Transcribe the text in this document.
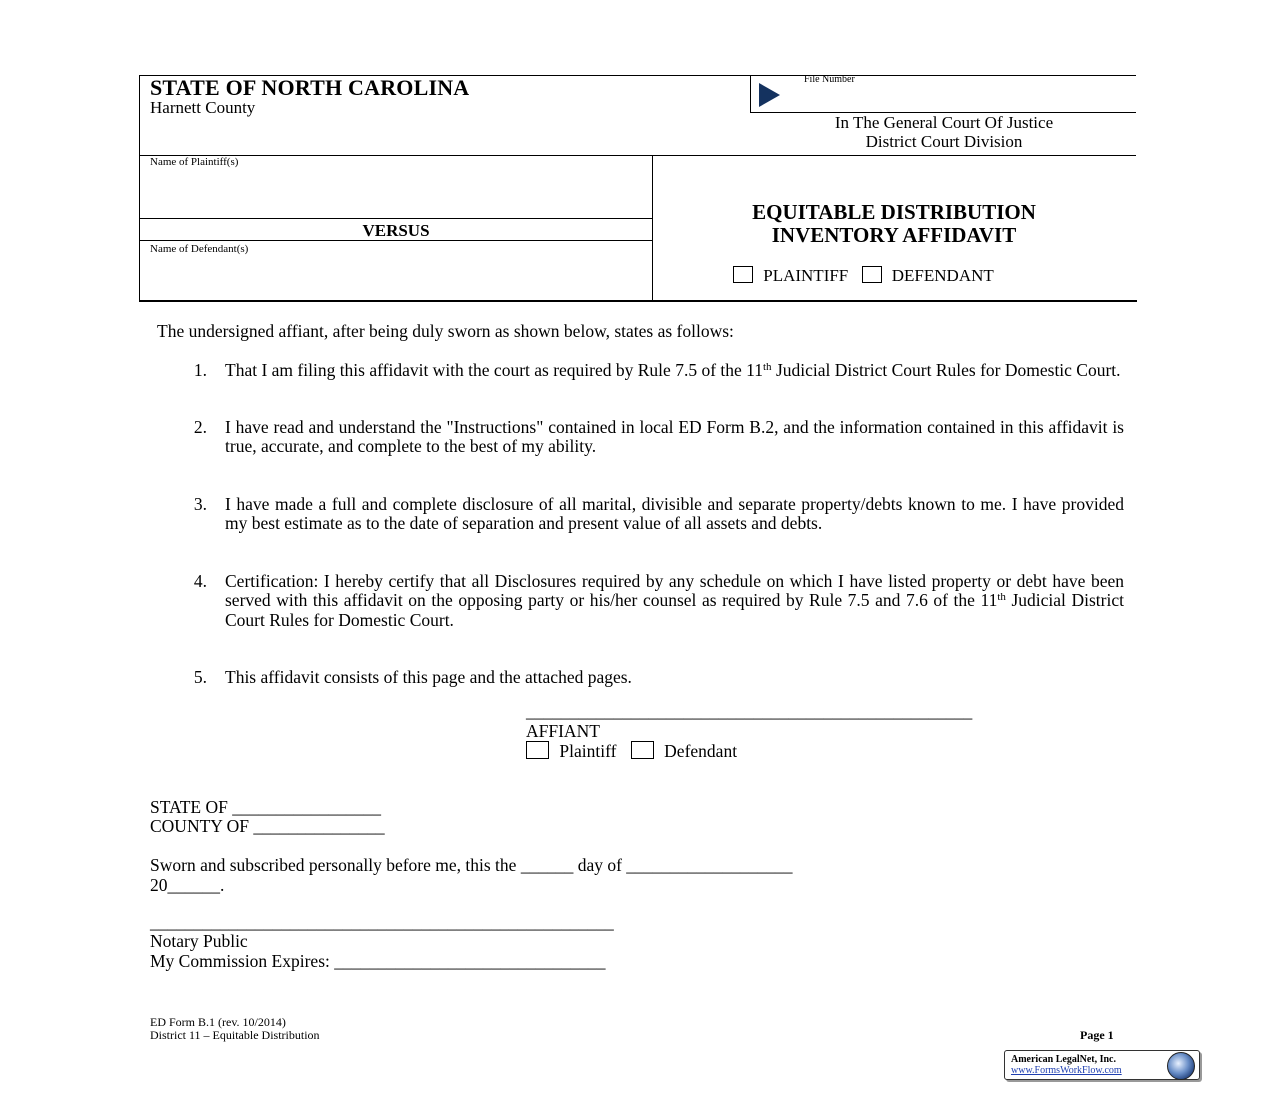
STATE OF NORTH CAROLINA
Harnett County
File Number
In The General Court Of Justice
District Court Division
Name of Plaintiff(s)
VERSUS
Name of Defendant(s)
EQUITABLE DISTRIBUTION
INVENTORY AFFIDAVIT
PLAINTIFF	DEFENDANT
The undersigned affiant, after being duly sworn as shown below, states as follows:
1. That I am filing this affidavit with the court as required by Rule 7.5 of the 11th Judicial District Court Rules for Domestic Court.
2. I have read and understand the "Instructions" contained in local ED Form B.2, and the information contained in this affidavit is true, accurate, and complete to the best of my ability.
3. I have made a full and complete disclosure of all marital, divisible and separate property/debts known to me. I have provided my best estimate as to the date of separation and present value of all assets and debts.
4. Certification: I hereby certify that all Disclosures required by any schedule on which I have listed property or debt have been served with this affidavit on the opposing party or his/her counsel as required by Rule 7.5 and 7.6 of the 11th Judicial District Court Rules for Domestic Court.
5. This affidavit consists of this page and the attached pages.
___________________________________________________
AFFIANT
Plaintiff	Defendant
STATE OF _________________
COUNTY OF _______________
Sworn and subscribed personally before me, this the ______ day of ___________________
20______.
_____________________________________________________
Notary Public
My Commission Expires: _______________________________
ED Form B.1 (rev. 10/2014)
District 11 – Equitable Distribution	Page 1
American LegalNet, Inc.
www.FormsWorkFlow.com
